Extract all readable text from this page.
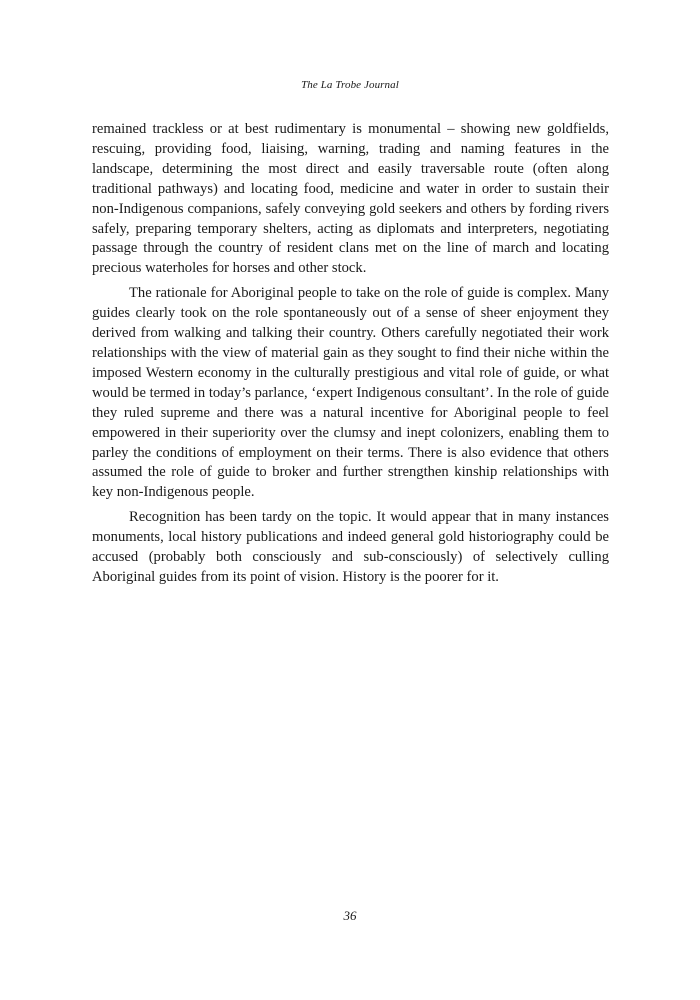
The La Trobe Journal

remained trackless or at best rudimentary is monumental – showing new goldfields, rescuing, providing food, liaising, warning, trading and naming features in the landscape, determining the most direct and easily traversable route (often along traditional pathways) and locating food, medicine and water in order to sustain their non-Indigenous companions, safely conveying gold seekers and others by fording rivers safely, preparing temporary shelters, acting as diplomats and interpreters, negotiating passage through the country of resident clans met on the line of march and locating precious waterholes for horses and other stock.

The rationale for Aboriginal people to take on the role of guide is complex. Many guides clearly took on the role spontaneously out of a sense of sheer enjoyment they derived from walking and talking their country. Others carefully negotiated their work relationships with the view of material gain as they sought to find their niche within the imposed Western economy in the culturally prestigious and vital role of guide, or what would be termed in today’s parlance, ‘expert Indigenous consultant’. In the role of guide they ruled supreme and there was a natural incentive for Aboriginal people to feel empowered in their superiority over the clumsy and inept colonizers, enabling them to parley the conditions of employment on their terms. There is also evidence that others assumed the role of guide to broker and further strengthen kinship relationships with key non-Indigenous people.

Recognition has been tardy on the topic. It would appear that in many instances monuments, local history publications and indeed general gold historiography could be accused (probably both consciously and sub-consciously) of selectively culling Aboriginal guides from its point of vision. History is the poorer for it.

36
